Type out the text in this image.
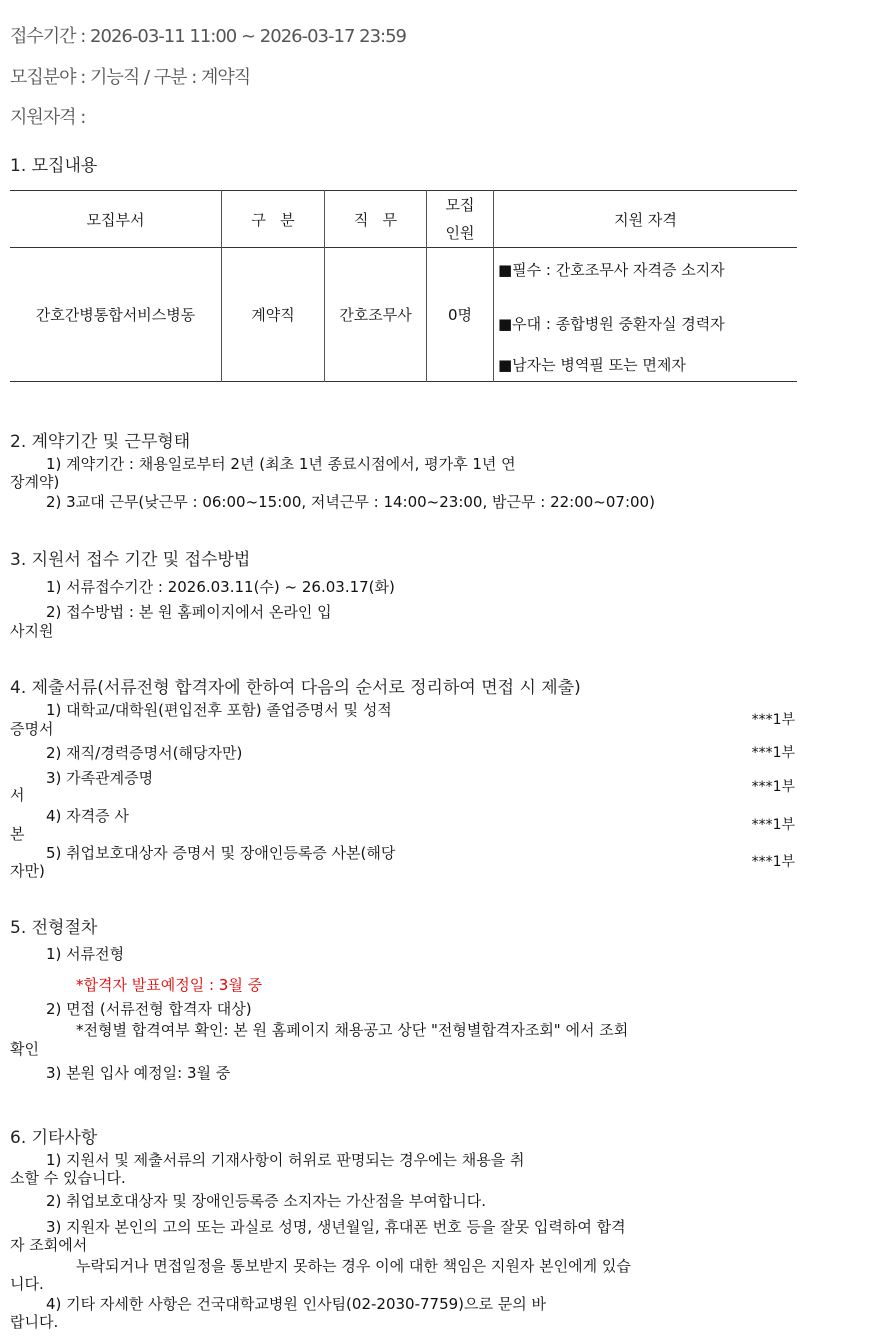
접수기간 : 2026-03-11 11:00 ~ 2026-03-17 23:59
모집분야 : 기능직 / 구분 : 계약직
지원자격 :
1. 모집내용
모집부서	구   분	직   무	모집
인원	지원 자격
간호간병통합서비스병동	계약직	간호조무사	0명	■필수 : 간호조무사 자격증 소지자
■우대 : 종합병원 중환자실 경력자
■남자는 병역필 또는 면제자
2. 계약기간 및 근무형태
1) 계약기간 : 채용일로부터 2년 (최초 1년 종료시점에서, 평가후 1년 연
장계약)
2) 3교대 근무(낮근무 : 06:00~15:00, 저녁근무 : 14:00~23:00, 밤근무 : 22:00~07:00)
3. 지원서 접수 기간 및 접수방법
1) 서류접수기간 : 2026.03.11(수) ~ 26.03.17(화)
2) 접수방법 : 본 원 홈페이지에서 온라인 입
사지원
4. 제출서류(서류전형 합격자에 한하여 다음의 순서로 정리하여 면접 시 제출)
1) 대학교/대학원(편입전후 포함) 졸업증명서 및 성적
증명서	***1부
2) 재직/경력증명서(해당자만)	***1부
3) 가족관계증명
서	***1부
4) 자격증 사
본	***1부
5) 취업보호대상자 증명서 및 장애인등록증 사본(해당
자만)	***1부
5. 전형절차
1) 서류전형
*합격자 발표예정일 : 3월 중
2) 면접 (서류전형 합격자 대상)
*전형별 합격여부 확인: 본 원 홈페이지 채용공고 상단 "전형별합격자조회" 에서 조회
확인
3) 본원 입사 예정일: 3월 중
6. 기타사항
1) 지원서 및 제출서류의 기재사항이 허위로 판명되는 경우에는 채용을 취
소할 수 있습니다.
2) 취업보호대상자 및 장애인등록증 소지자는 가산점을 부여합니다.
3) 지원자 본인의 고의 또는 과실로 성명, 생년월일, 휴대폰 번호 등을 잘못 입력하여 합격
자 조회에서
누락되거나 면접일정을 통보받지 못하는 경우 이에 대한 책임은 지원자 본인에게 있습
니다.
4) 기타 자세한 사항은 건국대학교병원 인사팀(02-2030-7759)으로 문의 바
랍니다.
